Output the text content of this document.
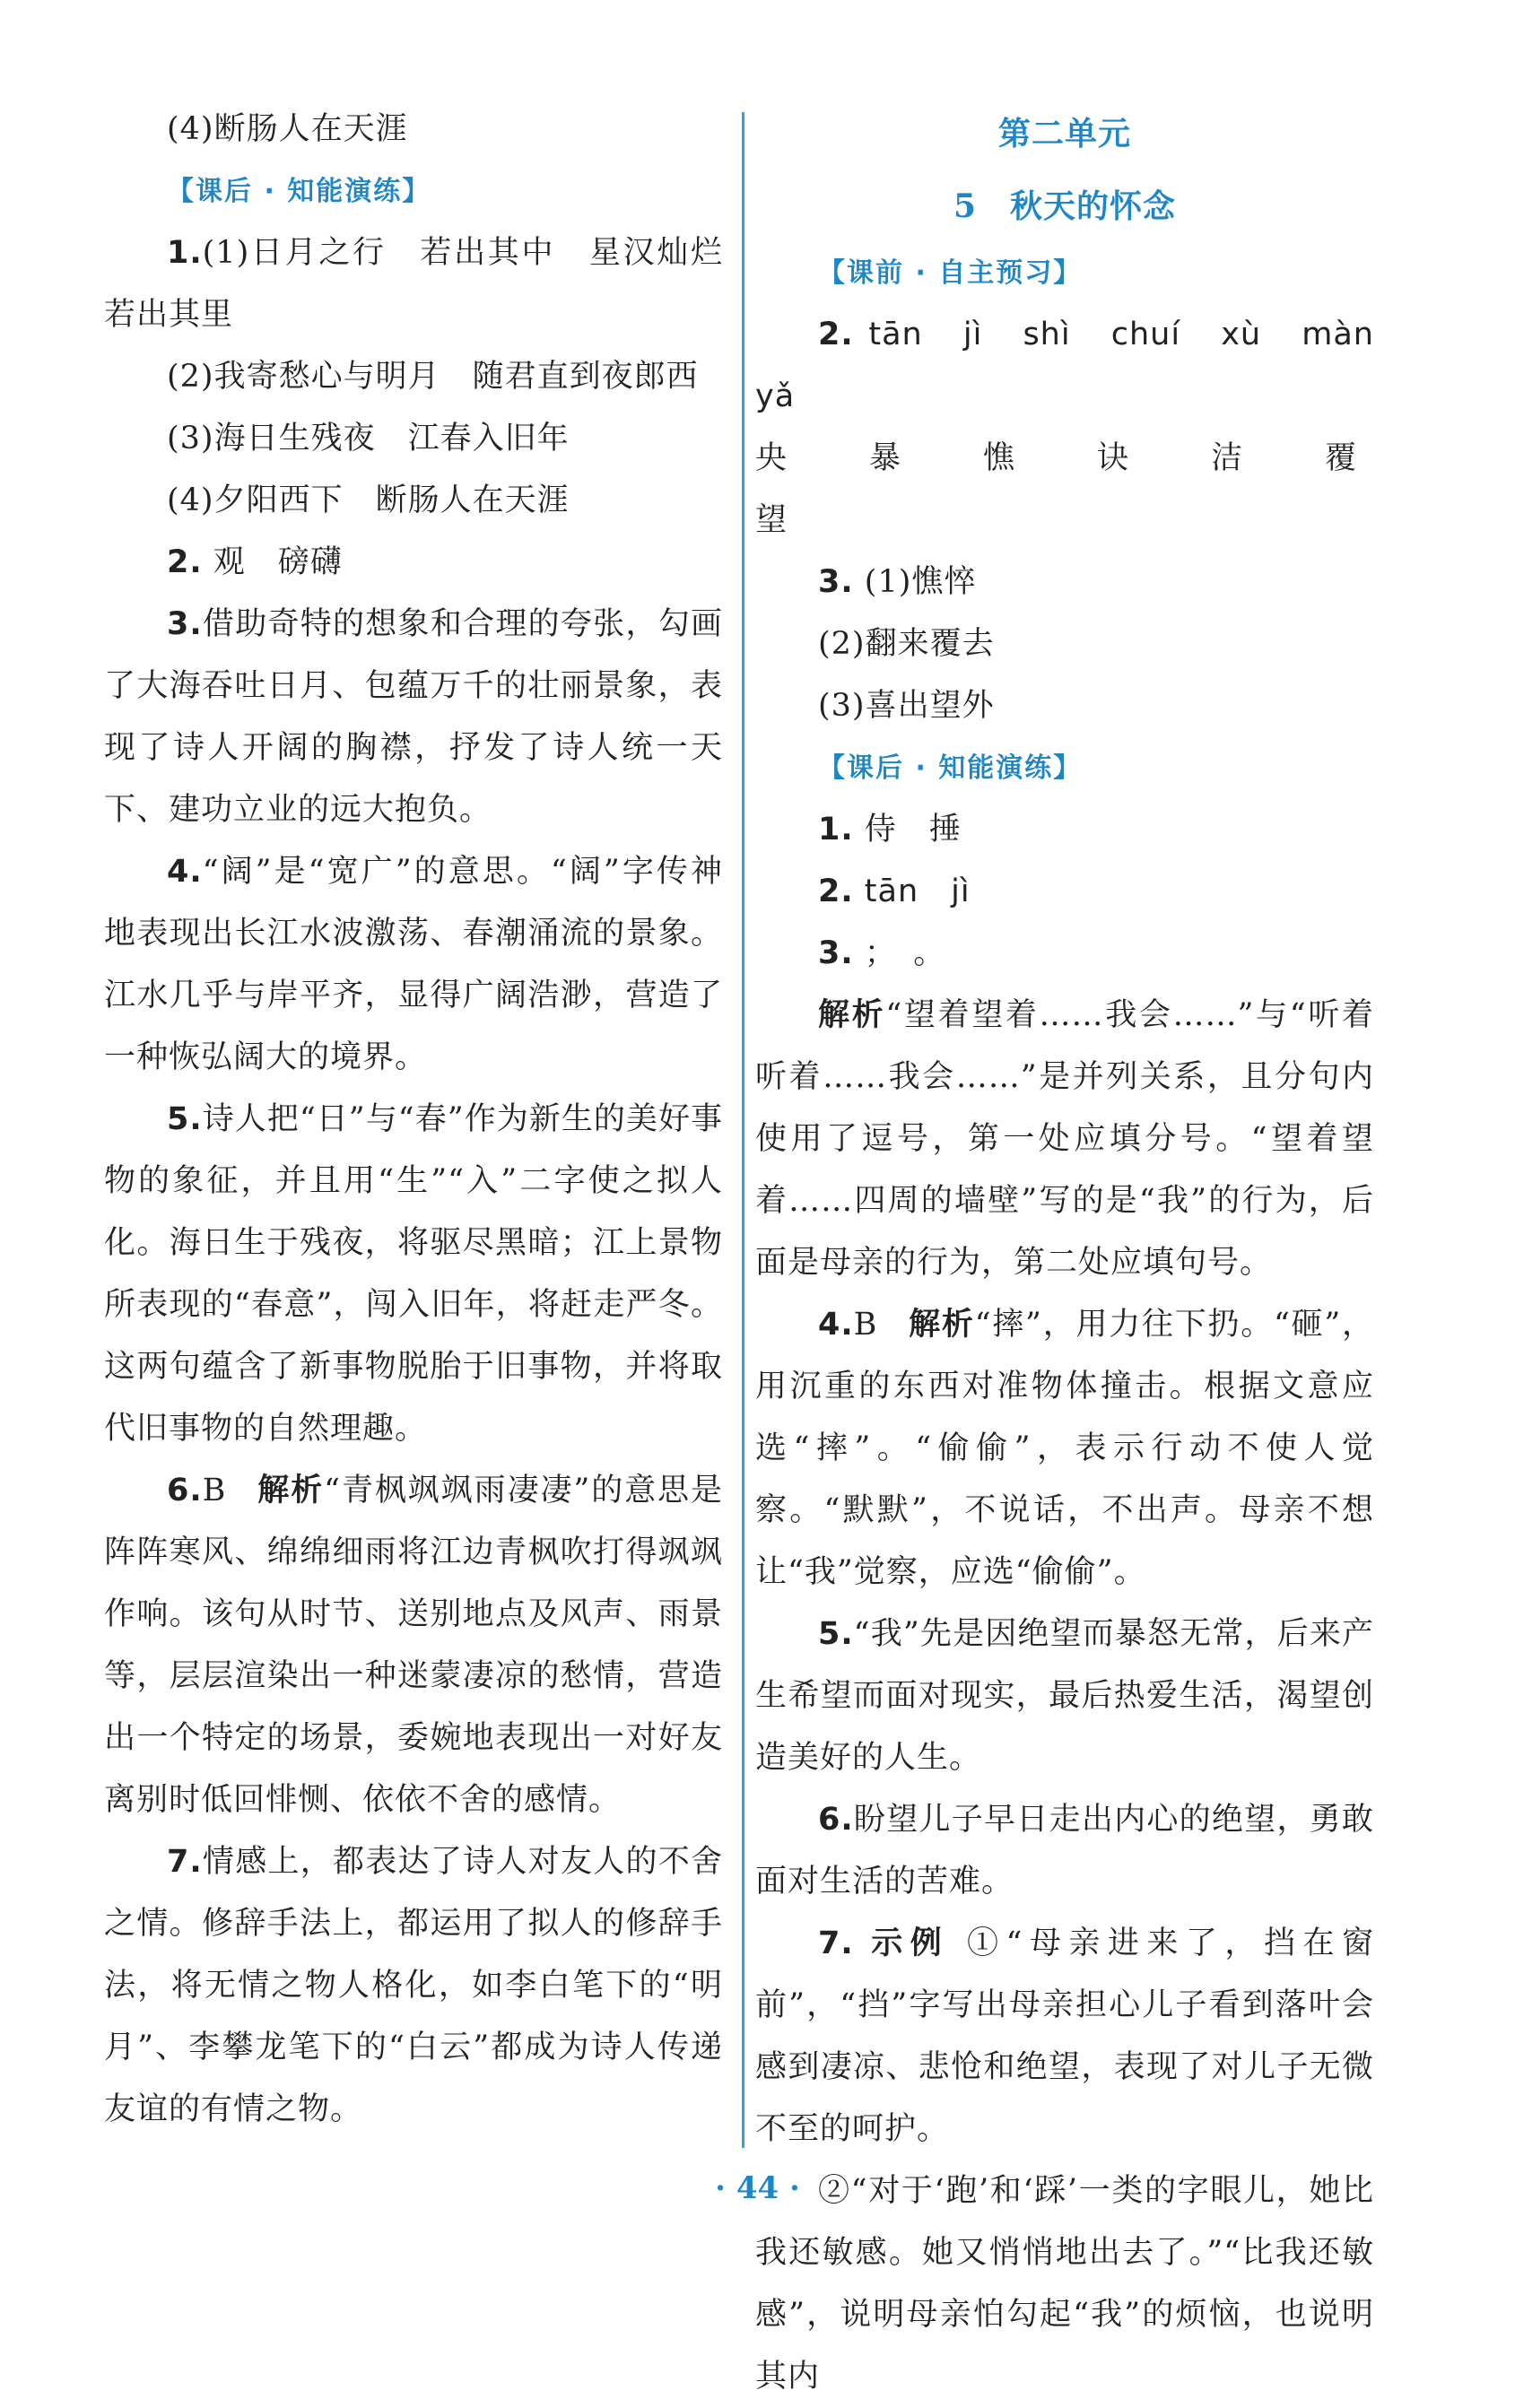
(4)断肠人在天涯

【课后 · 知能演练】

1.(1)日月之行　若出其中　星汉灿烂若出其里

(2)我寄愁心与明月　随君直到夜郎西

(3)海日生残夜　江春入旧年

(4)夕阳西下　断肠人在天涯

2. 观　磅礴

3.借助奇特的想象和合理的夸张，勾画了大海吞吐日月、包蕴万千的壮丽景象，表现了诗人开阔的胸襟，抒发了诗人统一天下、建功立业的远大抱负。

4.“阔”是“宽广”的意思。“阔”字传神地表现出长江水波激荡、春潮涌流的景象。江水几乎与岸平齐，显得广阔浩渺，营造了一种恢弘阔大的境界。

5.诗人把“日”与“春”作为新生的美好事物的象征，并且用“生”“入”二字使之拟人化。海日生于残夜，将驱尽黑暗；江上景物所表现的“春意”，闯入旧年，将赶走严冬。这两句蕴含了新事物脱胎于旧事物，并将取代旧事物的自然理趣。

6.B 解析“青枫飒飒雨凄凄”的意思是阵阵寒风、绵绵细雨将江边青枫吹打得飒飒作响。该句从时节、送别地点及风声、雨景等，层层渲染出一种迷蒙凄凉的愁情，营造出一个特定的场景，委婉地表现出一对好友离别时低回悱恻、依依不舍的感情。

7.情感上，都表达了诗人对友人的不舍之情。修辞手法上，都运用了拟人的修辞手法，将无情之物人格化，如李白笔下的“明月”、李攀龙笔下的“白云”都成为诗人传递友谊的有情之物。

第二单元

5　秋天的怀念

【课前 · 自主预习】

2. tān　jì　shì　chuí　xù　màn　yǎ

央 暴 憔 诀 洁 覆 望

3. (1)憔悴

(2)翻来覆去

(3)喜出望外

【课后 · 知能演练】

1. 侍　捶

2. tān　jì

3. ；　。

解析“望着望着……我会……”与“听着听着……我会……”是并列关系，且分句内使用了逗号，第一处应填分号。“望着望着……四周的墙壁”写的是“我”的行为，后面是母亲的行为，第二处应填句号。

4.B 解析“摔”，用力往下扔。“砸”，用沉重的东西对准物体撞击。根据文意应选“摔”。“偷偷”，表示行动不使人觉察。“默默”，不说话，不出声。母亲不想让“我”觉察，应选“偷偷”。

5.“我”先是因绝望而暴怒无常，后来产生希望而面对现实，最后热爱生活，渴望创造美好的人生。

6.盼望儿子早日走出内心的绝望，勇敢面对生活的苦难。

7. 示例 ①“母亲进来了，挡在窗前”，“挡”字写出母亲担心儿子看到落叶会感到凄凉、悲怆和绝望，表现了对儿子无微不至的呵护。

②“对于‘跑’和‘踩’一类的字眼儿，她比我还敏感。她又悄悄地出去了。”“比我还敏感”，说明母亲怕勾起“我”的烦恼，也说明其内

· 44 ·
